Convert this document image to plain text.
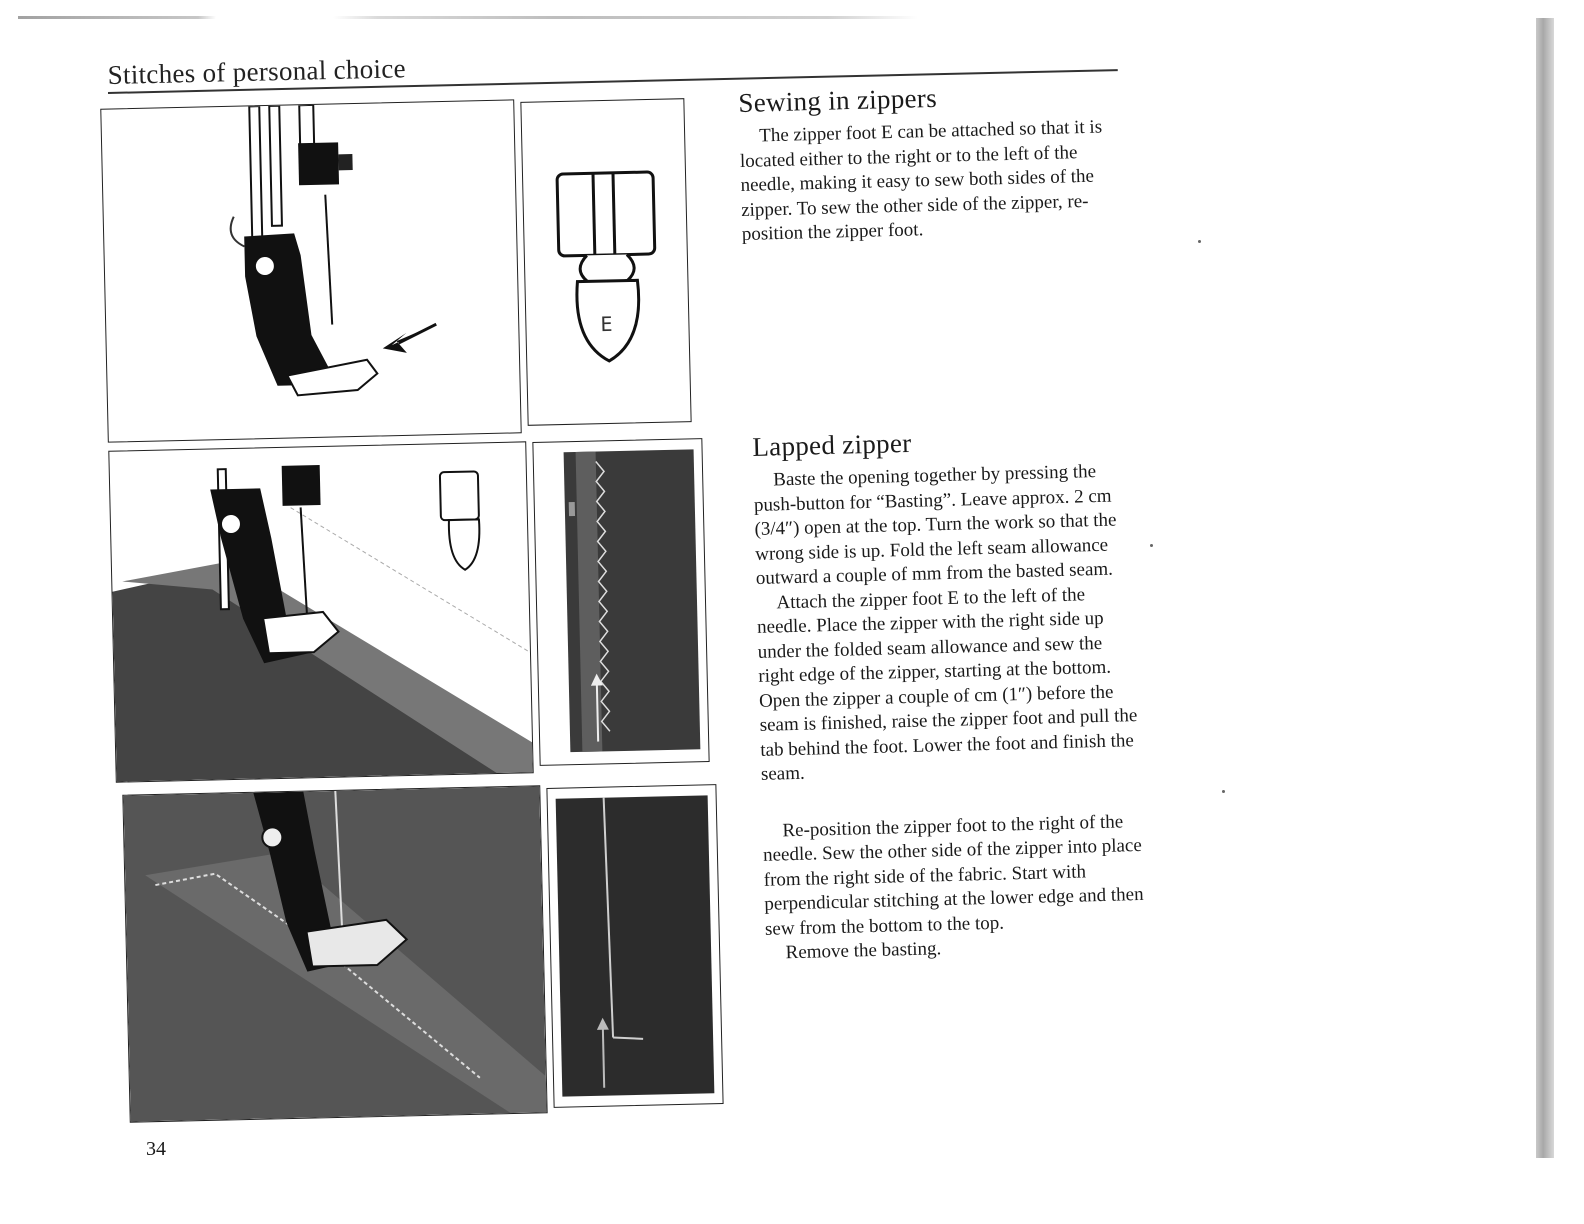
Stitches of personal choice
E
Sewing in zippers

The zipper foot E can be attached so that it is located either to the right or to the left of the needle, making it easy to sew both sides of the zipper. To sew the other side of the zipper, re-position the zipper foot.

Lapped zipper

Baste the opening together by pressing the push-button for “Basting”. Leave approx. 2 cm (3/4″) open at the top. Turn the work so that the wrong side is up. Fold the left seam allowance outward a couple of mm from the basted seam.

Attach the zipper foot E to the left of the needle. Place the zipper with the right side up under the folded seam allowance and sew the right edge of the zipper, starting at the bottom. Open the zipper a couple of cm (1″) before the seam is finished, raise the zipper foot and pull the tab behind the foot. Lower the foot and finish the seam.

Re-position the zipper foot to the right of the needle. Sew the other side of the zipper into place from the right side of the fabric. Start with perpendicular stitching at the lower edge and then sew from the bottom to the top.

Remove the basting.

34
